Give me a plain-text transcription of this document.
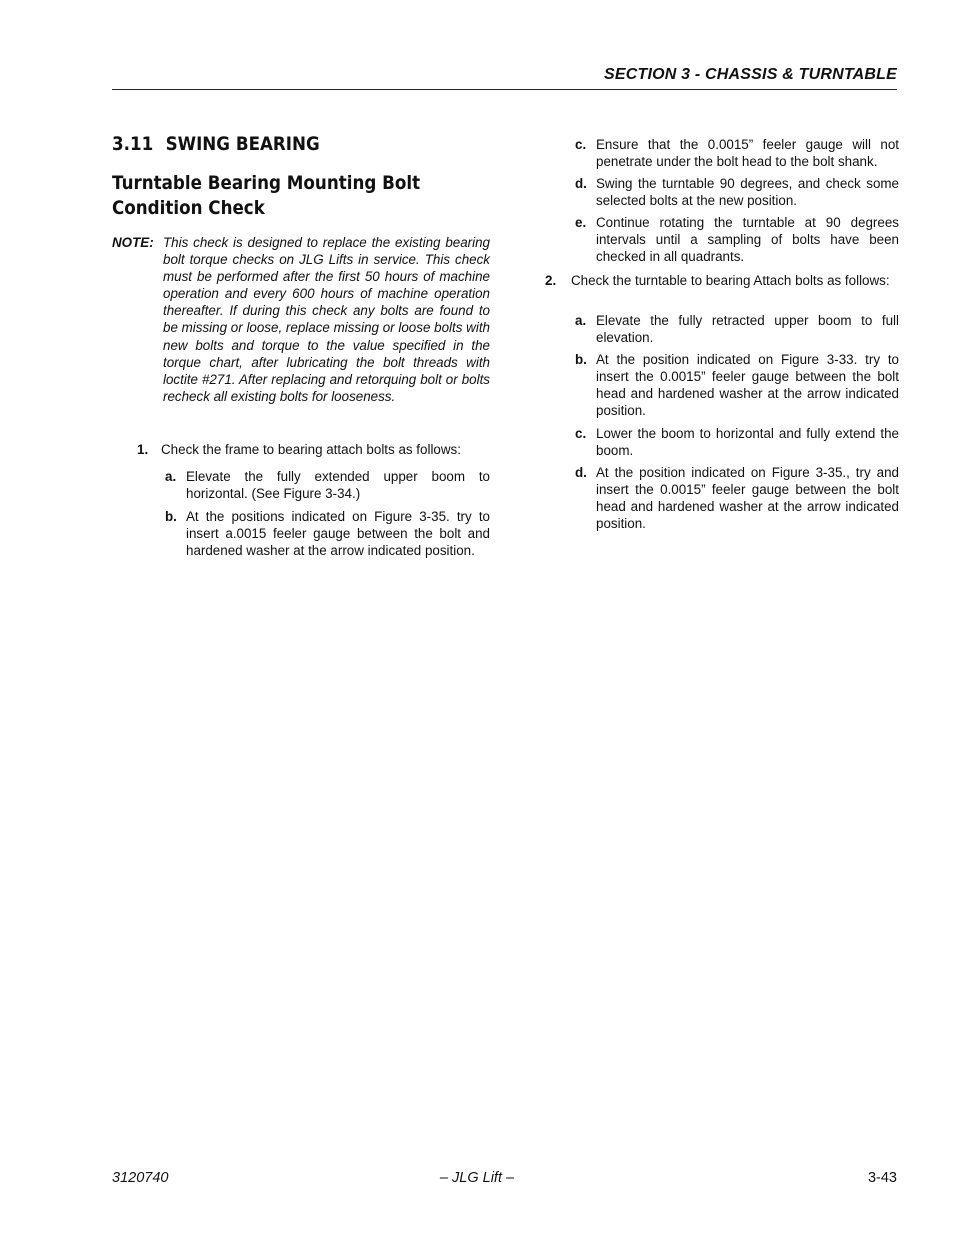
SECTION 3 - CHASSIS & TURNTABLE
3.11 SWING BEARING
Turntable Bearing Mounting Bolt Condition Check
NOTE: This check is designed to replace the existing bearing bolt torque checks on JLG Lifts in service. This check must be performed after the first 50 hours of machine operation and every 600 hours of machine operation thereafter. If during this check any bolts are found to be missing or loose, replace missing or loose bolts with new bolts and torque to the value specified in the torque chart, after lubricating the bolt threads with loctite #271. After replacing and retorquing bolt or bolts recheck all existing bolts for looseness.
1. Check the frame to bearing attach bolts as follows:
a. Elevate the fully extended upper boom to horizontal. (See Figure 3-34.)
b. At the positions indicated on Figure 3-35. try to insert a.0015 feeler gauge between the bolt and hardened washer at the arrow indicated position.
c. Ensure that the 0.0015” feeler gauge will not penetrate under the bolt head to the bolt shank.
d. Swing the turntable 90 degrees, and check some selected bolts at the new position.
e. Continue rotating the turntable at 90 degrees intervals until a sampling of bolts have been checked in all quadrants.
2. Check the turntable to bearing Attach bolts as follows:
a. Elevate the fully retracted upper boom to full elevation.
b. At the position indicated on Figure 3-33. try to insert the 0.0015” feeler gauge between the bolt head and hardened washer at the arrow indicated position.
c. Lower the boom to horizontal and fully extend the boom.
d. At the position indicated on Figure 3-35., try and insert the 0.0015” feeler gauge between the bolt head and hardened washer at the arrow indicated position.
3120740	– JLG Lift –	3-43
